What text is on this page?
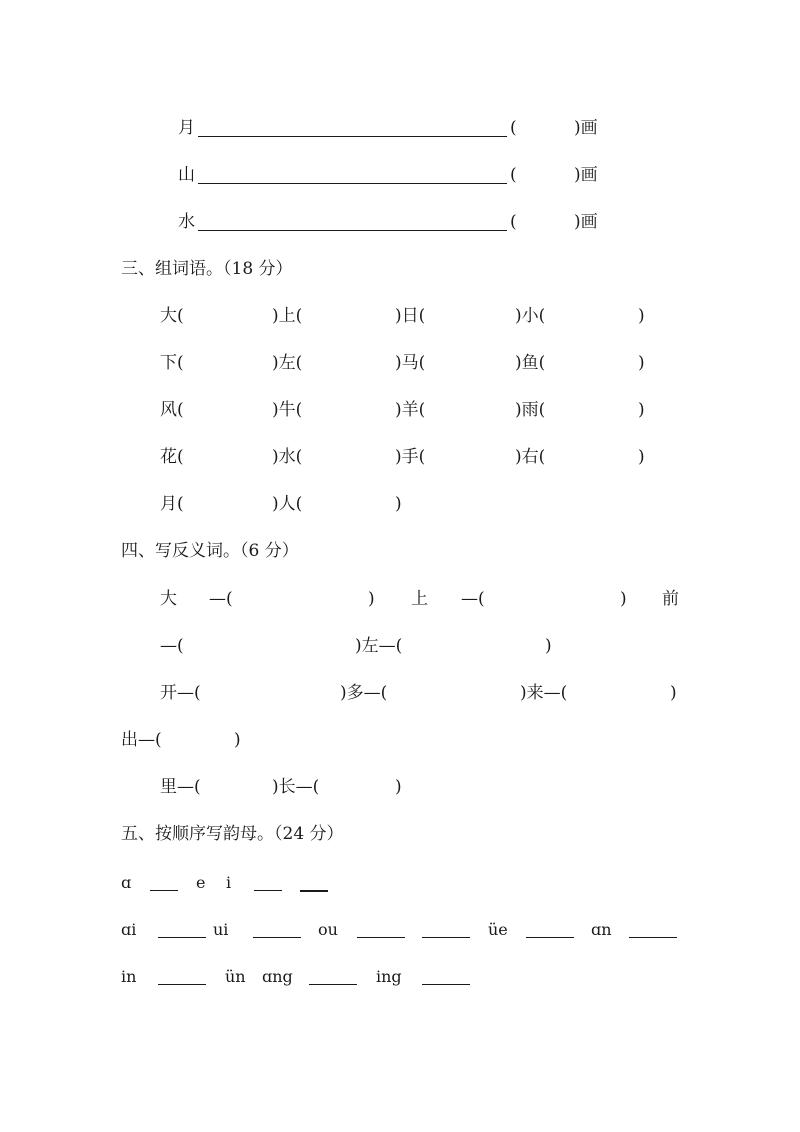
月	(	)画
山	(	)画
水	(	)画
三、组词语。（18 分）
大(	)上(	)日(	)小(	)
下(	)左(	)马(	)鱼(	)
风(	)牛(	)羊(	)雨(	)
花(	)水(	)手(	)右(	)
月(	)人(	)
四、写反义词。（6 分）
大 —(	) 上 —(	) 前
—(	)左—(	)
开—(	)多—(	)来—(	)
出—(	)
里—(	)长—(	)
五、按顺序写韵母。（24 分）
ɑ	e i
ɑi	ui	ou	üe	ɑn
in	ün ɑng	ing
